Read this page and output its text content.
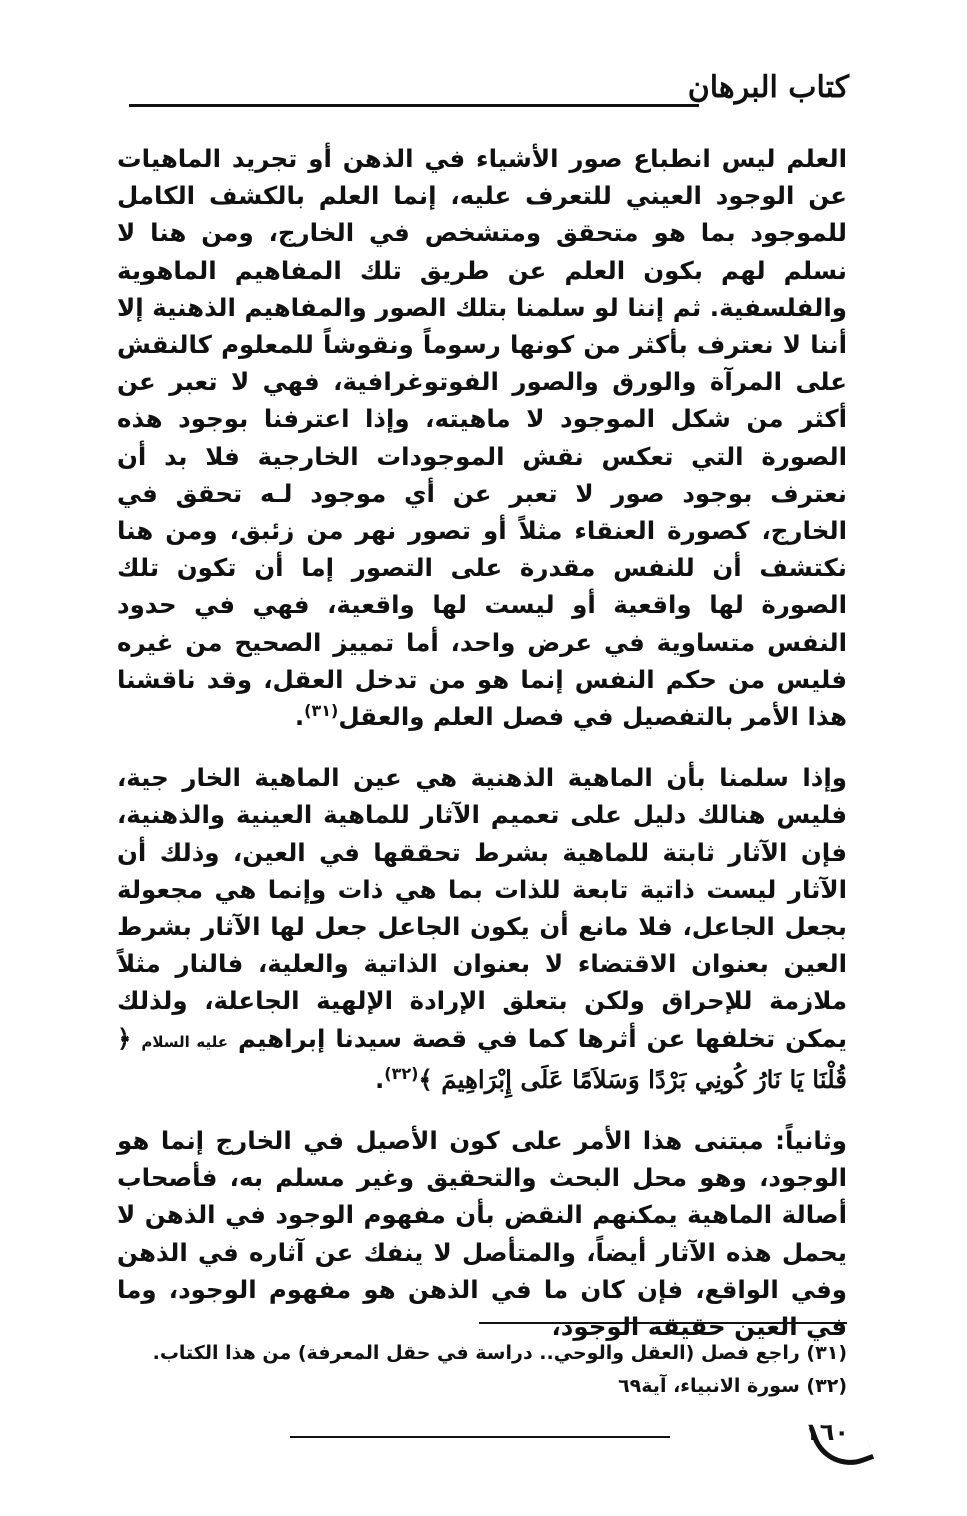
كتاب البرهان

العلم ليس انطباع صور الأشياء في الذهن أو تجريد الماهيات عن الوجود العيني للتعرف عليه، إنما العلم بالكشف الكامل للموجود بما هو متحقق ومتشخص في الخارج، ومن هنا لا نسلم لهم بكون العلم عن طريق تلك المفاهيم الماهوية والفلسفية. ثم إننا لو سلمنا بتلك الصور والمفاهيم الذهنية إلا أننا لا نعترف بأكثر من كونها رسوماً ونقوشاً للمعلوم كالنقش على المرآة والورق والصور الفوتوغرافية، فهي لا تعبر عن أكثر من شكل الموجود لا ماهيته، وإذا اعترفنا بوجود هذه الصورة التي تعكس نقش الموجودات الخارجية فلا بد أن نعترف بوجود صور لا تعبر عن أي موجود لـه تحقق في الخارج، كصورة العنقاء مثلاً أو تصور نهر من زئبق، ومن هنا نكتشف أن للنفس مقدرة على التصور إما أن تكون تلك الصورة لها واقعية أو ليست لها واقعية، فهي في حدود النفس متساوية في عرض واحد، أما تمييز الصحيح من غيره فليس من حكم النفس إنما هو من تدخل العقل، وقد ناقشنا هذا الأمر بالتفصيل في فصل العلم والعقل$^{(٣١)}$.

وإذا سلمنا بأن الماهية الذهنية هي عين الماهية الخار جية، فليس هنالك دليل على تعميم الآثار للماهية العينية والذهنية، فإن الآثار ثابتة للماهية بشرط تحققها في العين، وذلك أن الآثار ليست ذاتية تابعة للذات بما هي ذات وإنما هي مجعولة بجعل الجاعل، فلا مانع أن يكون الجاعل جعل لها الآثار بشرط العين بعنوان الاقتضاء لا بعنوان الذاتية والعلية، فالنار مثلاً ملازمة للإحراق ولكن بتعلق الإرادة الإلهية الجاعلة، ولذلك يمكن تخلفها عن أثرها كما في قصة سيدنا إبراهيم عليه السلام ﴿ قُلْنَا يَا نَارُ كُونِي بَرْدًا وَسَلاَمًا عَلَى إِبْرَاهِيمَ ﴾$^{(٣٢)}$.

وثانياً: مبتنى هذا الأمر على كون الأصيل في الخارج إنما هو الوجود، وهو محل البحث والتحقيق وغير مسلم به، فأصحاب أصالة الماهية يمكنهم النقض بأن مفهوم الوجود في الذهن لا يحمل هذه الآثار أيضاً، والمتأصل لا ينفك عن آثاره في الذهن وفي الواقع، فإن كان ما في الذهن هو مفهوم الوجود، وما في العين حقيقة الوجود،

(٣١) راجع فصل (العقل والوحي.. دراسة في حقل المعرفة) من هذا الكتاب.
(٣٢) سورة الانبياء، آية٦٩
١٦٠
